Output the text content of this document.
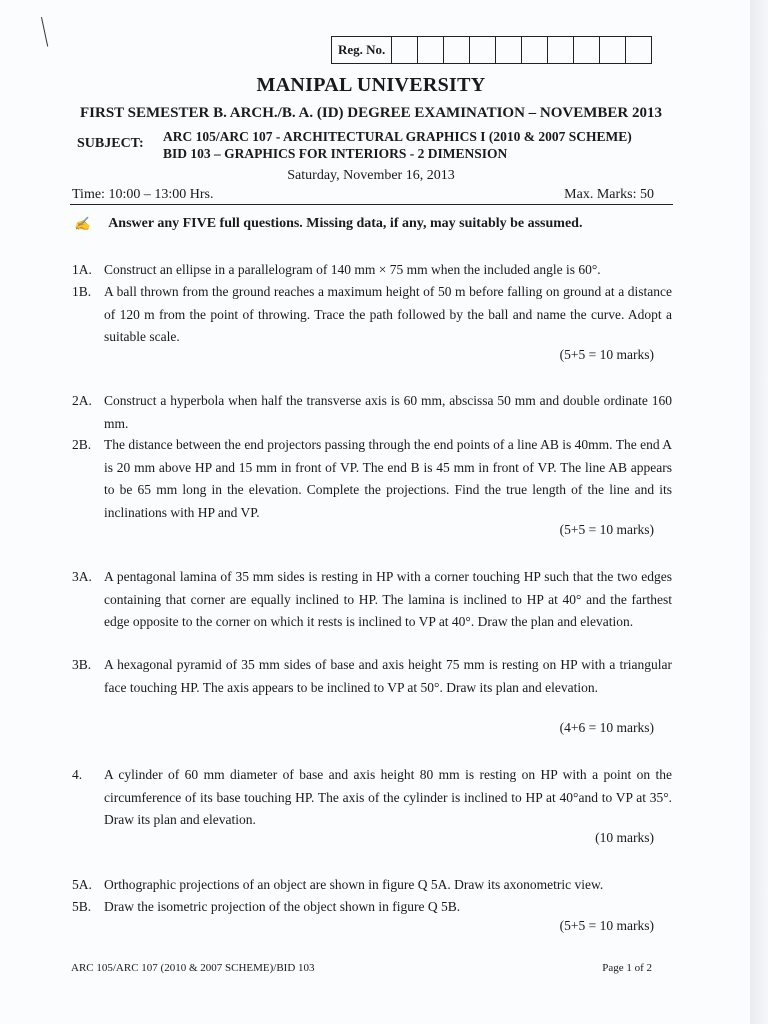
Reg. No.
MANIPAL UNIVERSITY
FIRST SEMESTER B. ARCH./B. A. (ID) DEGREE EXAMINATION – NOVEMBER 2013
SUBJECT: ARC 105/ARC 107 - ARCHITECTURAL GRAPHICS I (2010 & 2007 SCHEME)
BID 103 – GRAPHICS FOR INTERIORS - 2 DIMENSION
Saturday, November 16, 2013
Time: 10:00 – 13:00 Hrs.	Max. Marks: 50
✍ Answer any FIVE full questions. Missing data, if any, may suitably be assumed.
1A. Construct an ellipse in a parallelogram of 140 mm × 75 mm when the included angle is 60°.
1B. A ball thrown from the ground reaches a maximum height of 50 m before falling on ground at a distance of 120 m from the point of throwing. Trace the path followed by the ball and name the curve. Adopt a suitable scale.
(5+5 = 10 marks)
2A. Construct a hyperbola when half the transverse axis is 60 mm, abscissa 50 mm and double ordinate 160 mm.
2B. The distance between the end projectors passing through the end points of a line AB is 40mm. The end A is 20 mm above HP and 15 mm in front of VP. The end B is 45 mm in front of VP. The line AB appears to be 65 mm long in the elevation. Complete the projections. Find the true length of the line and its inclinations with HP and VP.
(5+5 = 10 marks)
3A. A pentagonal lamina of 35 mm sides is resting in HP with a corner touching HP such that the two edges containing that corner are equally inclined to HP. The lamina is inclined to HP at 40° and the farthest edge opposite to the corner on which it rests is inclined to VP at 40°. Draw the plan and elevation.
3B. A hexagonal pyramid of 35 mm sides of base and axis height 75 mm is resting on HP with a triangular face touching HP. The axis appears to be inclined to VP at 50°. Draw its plan and elevation.
(4+6 = 10 marks)
4. A cylinder of 60 mm diameter of base and axis height 80 mm is resting on HP with a point on the circumference of its base touching HP. The axis of the cylinder is inclined to HP at 40°and to VP at 35°. Draw its plan and elevation.
(10 marks)
5A. Orthographic projections of an object are shown in figure Q 5A. Draw its axonometric view.
5B. Draw the isometric projection of the object shown in figure Q 5B.
(5+5 = 10 marks)
ARC 105/ARC 107 (2010 & 2007 SCHEME)/BID 103	Page 1 of 2
